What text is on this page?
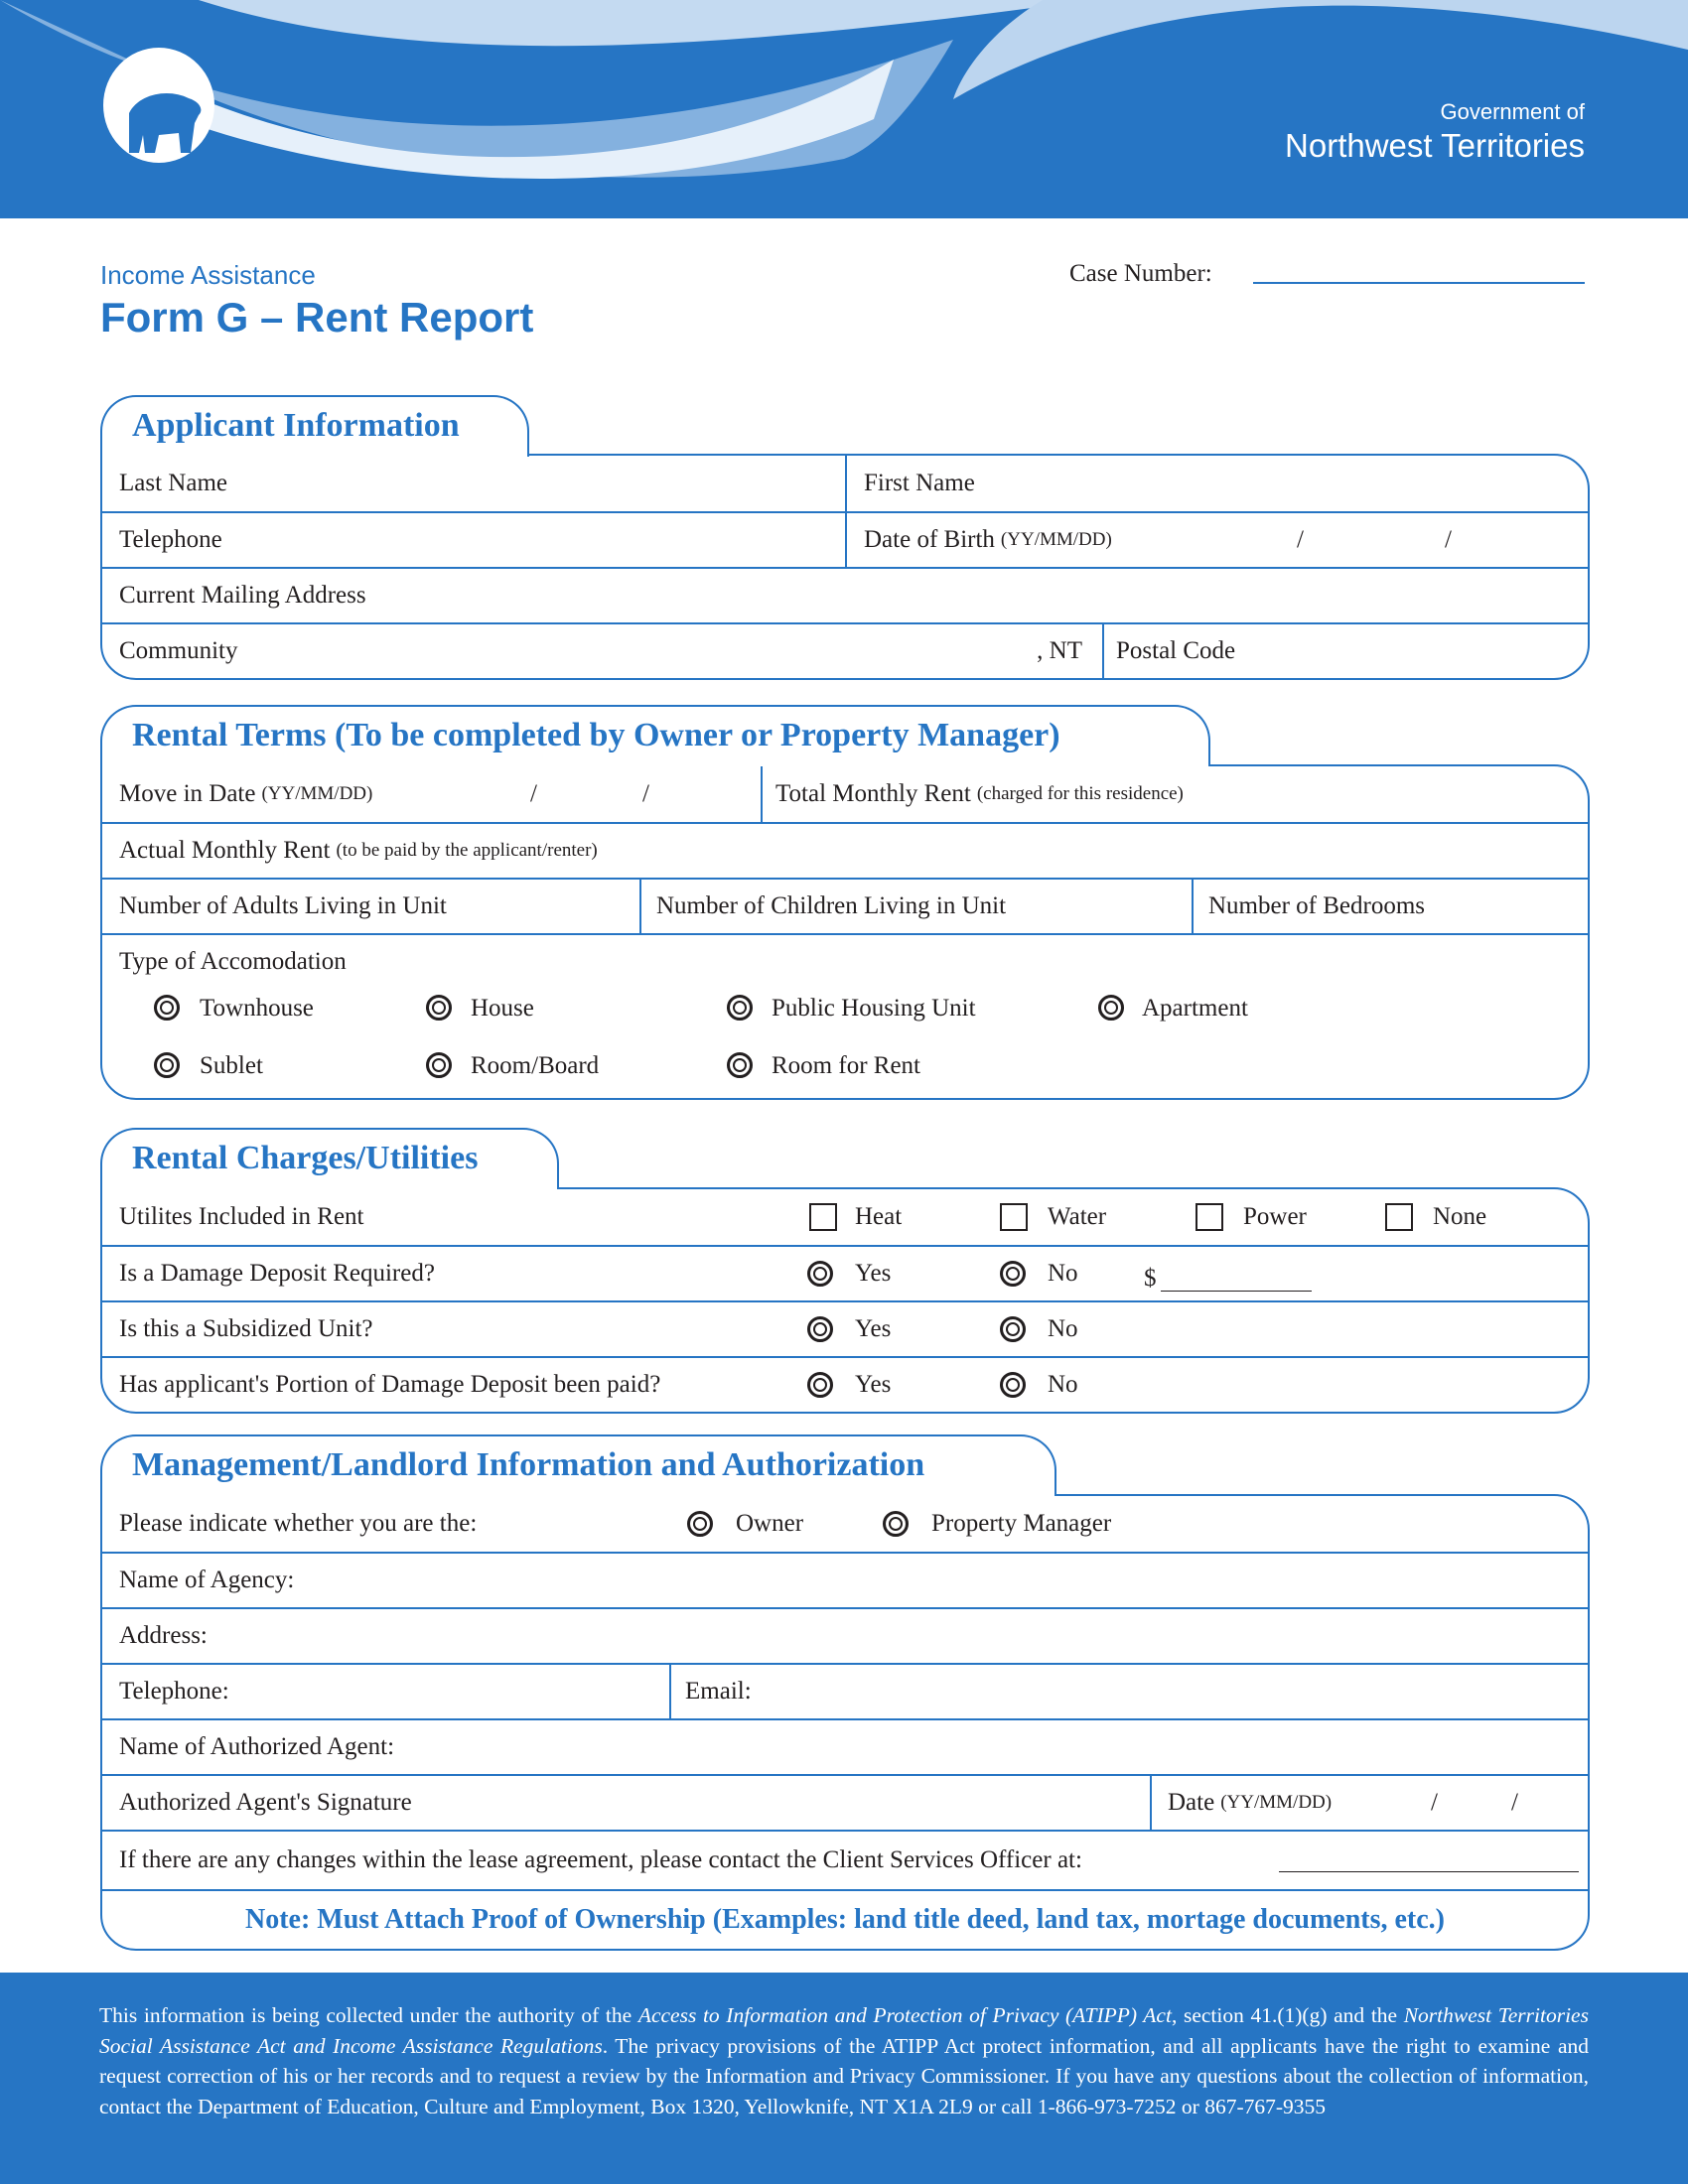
Government of
Northwest Territories
Income Assistance
Form G – Rent Report
Case Number:
Applicant Information
Last Name	First Name
Telephone	Date of Birth (YY/MM/DD)	/	/
Current Mailing Address
Community	, NT Postal Code
Rental Terms (To be completed by Owner or Property Manager)
Move in Date (YY/MM/DD)	/	/	Total Monthly Rent (charged for this residence)
Actual Monthly Rent (to be paid by the applicant/renter)
Number of Adults Living in Unit	Number of Children Living in Unit	Number of Bedrooms
Type of Accomodation
Townhouse	House	Public Housing Unit	Apartment
Sublet	Room/Board	Room for Rent
Rental Charges/Utilities
Utilites Included in Rent	Heat	Water	Power	None
Is a Damage Deposit Required?	Yes	No	$
Is this a Subsidized Unit?	Yes	No
Has applicant's Portion of Damage Deposit been paid?	Yes	No
Management/Landlord Information and Authorization
Please indicate whether you are the:	Owner	Property Manager
Name of Agency:
Address:
Telephone:	Email:
Name of Authorized Agent:
Authorized Agent's Signature	Date (YY/MM/DD)	/	/
If there are any changes within the lease agreement, please contact the Client Services Officer at:
Note: Must Attach Proof of Ownership (Examples: land title deed, land tax, mortage documents, etc.)
This information is being collected under the authority of the Access to Information and Protection of Privacy (ATIPP) Act, section 41.(1)(g) and the Northwest Territories Social Assistance Act and Income Assistance Regulations. The privacy provisions of the ATIPP Act protect information, and all applicants have the right to examine and request correction of his or her records and to request a review by the Information and Privacy Commissioner. If you have any questions about the collection of information, contact the Department of Education, Culture and Employment, Box 1320, Yellowknife, NT X1A 2L9 or call 1-866-973-7252 or 867-767-9355
